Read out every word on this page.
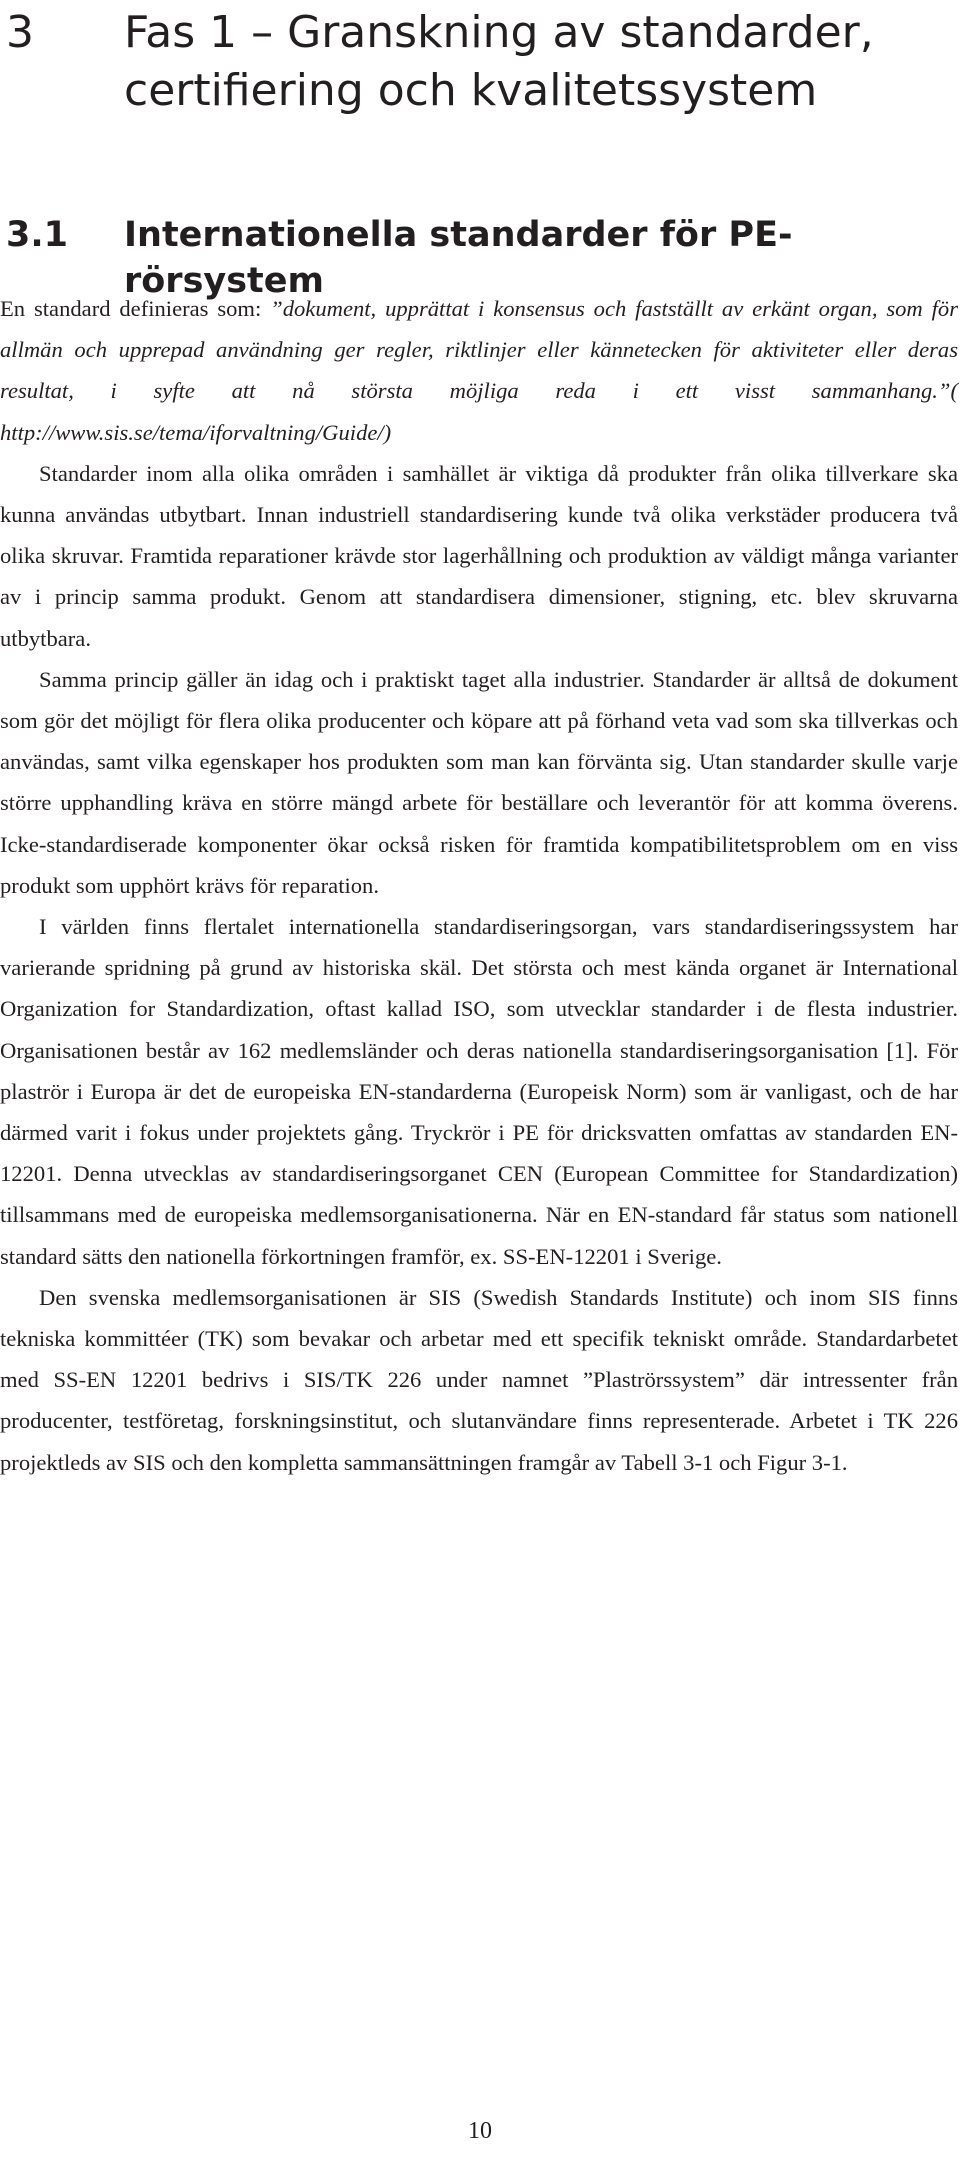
3 Fas 1 – Granskning av standarder,
certifiering och kvalitetssystem
3.1 Internationella standarder för PE-rörsystem

En standard definieras som: ”dokument, upprättat i konsensus och fastställt av erkänt organ, som för allmän och upprepad användning ger regler, riktlinjer eller kännetecken för aktiviteter eller deras resultat, i syfte att nå största möjliga reda i ett visst sammanhang.”( http://www.sis.se/tema/iforvaltning/Guide/)

Standarder inom alla olika områden i samhället är viktiga då produkter från olika tillverkare ska kunna användas utbytbart. Innan industriell standardisering kunde två olika verkstäder producera två olika skruvar. Framtida reparationer krävde stor lagerhållning och produktion av väldigt många varianter av i princip samma produkt. Genom att standardisera dimensioner, stigning, etc. blev skruvarna utbytbara.

Samma princip gäller än idag och i praktiskt taget alla industrier. Standarder är alltså de dokument som gör det möjligt för flera olika producenter och köpare att på förhand veta vad som ska tillverkas och användas, samt vilka egenskaper hos produkten som man kan förvänta sig. Utan standarder skulle varje större upphandling kräva en större mängd arbete för beställare och leverantör för att komma överens. Icke-standardiserade komponenter ökar också risken för framtida kompatibilitetsproblem om en viss produkt som upphört krävs för reparation.

I världen finns flertalet internationella standardiseringsorgan, vars standardiseringssystem har varierande spridning på grund av historiska skäl. Det största och mest kända organet är International Organization for Standardization, oftast kallad ISO, som utvecklar standarder i de flesta industrier. Organisationen består av 162 medlemsländer och deras nationella standardiseringsorganisation [1]. För plaströr i Europa är det de europeiska EN-standarderna (Europeisk Norm) som är vanligast, och de har därmed varit i fokus under projektets gång. Tryckrör i PE för dricksvatten omfattas av standarden EN-12201. Denna utvecklas av standardiseringsorganet CEN (European Committee for Standardization) tillsammans med de europeiska medlemsorganisationerna. När en EN-standard får status som nationell standard sätts den nationella förkortningen framför, ex. SS-EN-12201 i Sverige.

Den svenska medlemsorganisationen är SIS (Swedish Standards Institute) och inom SIS finns tekniska kommittéer (TK) som bevakar och arbetar med ett specifik tekniskt område. Standardarbetet med SS-EN 12201 bedrivs i SIS/TK 226 under namnet ”Plaströrssystem” där intressenter från producenter, testföretag, forskningsinstitut, och slutanvändare finns representerade. Arbetet i TK 226 projektleds av SIS och den kompletta sammansättningen framgår av Tabell 3-1 och Figur 3-1.

10
